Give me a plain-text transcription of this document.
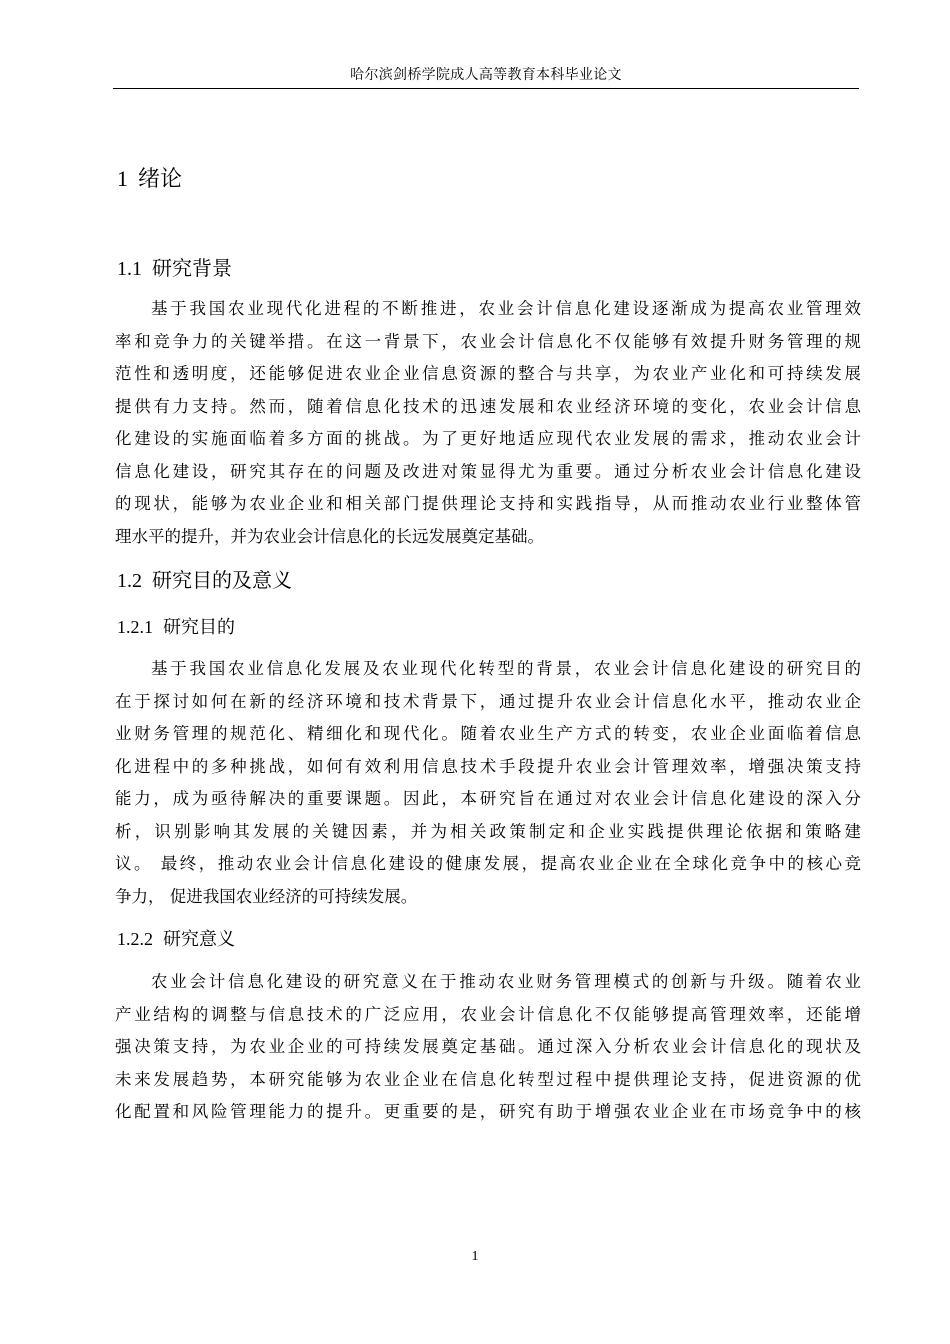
哈尔滨剑桥学院成人高等教育本科毕业论文
1 绪论
1.1 研究背景
基于我国农业现代化进程的不断推进，农业会计信息化建设逐渐成为提高农业管理效
率和竞争力的关键举措。在这一背景下，农业会计信息化不仅能够有效提升财务管理的规
范性和透明度，还能够促进农业企业信息资源的整合与共享，为农业产业化和可持续发展
提供有力支持。然而，随着信息化技术的迅速发展和农业经济环境的变化，农业会计信息
化建设的实施面临着多方面的挑战。为了更好地适应现代农业发展的需求，推动农业会计
信息化建设，研究其存在的问题及改进对策显得尤为重要。通过分析农业会计信息化建设
的现状，能够为农业企业和相关部门提供理论支持和实践指导，从而推动农业行业整体管
理水平的提升，并为农业会计信息化的长远发展奠定基础。
1.2 研究目的及意义
1.2.1 研究目的
基于我国农业信息化发展及农业现代化转型的背景，农业会计信息化建设的研究目的
在于探讨如何在新的经济环境和技术背景下，通过提升农业会计信息化水平，推动农业企
业财务管理的规范化、精细化和现代化。随着农业生产方式的转变，农业企业面临着信息
化进程中的多种挑战，如何有效利用信息技术手段提升农业会计管理效率，增强决策支持
能力，成为亟待解决的重要课题。因此，本研究旨在通过对农业会计信息化建设的深入分
析，识别影响其发展的关键因素，并为相关政策制定和企业实践提供理论依据和策略建
议。 最终，推动农业会计信息化建设的健康发展，提高农业企业在全球化竞争中的核心竞
争力， 促进我国农业经济的可持续发展。
1.2.2 研究意义
农业会计信息化建设的研究意义在于推动农业财务管理模式的创新与升级。随着农业
产业结构的调整与信息技术的广泛应用，农业会计信息化不仅能够提高管理效率，还能增
强决策支持，为农业企业的可持续发展奠定基础。通过深入分析农业会计信息化的现状及
未来发展趋势，本研究能够为农业企业在信息化转型过程中提供理论支持，促进资源的优
化配置和风险管理能力的提升。更重要的是，研究有助于增强农业企业在市场竞争中的核
1
